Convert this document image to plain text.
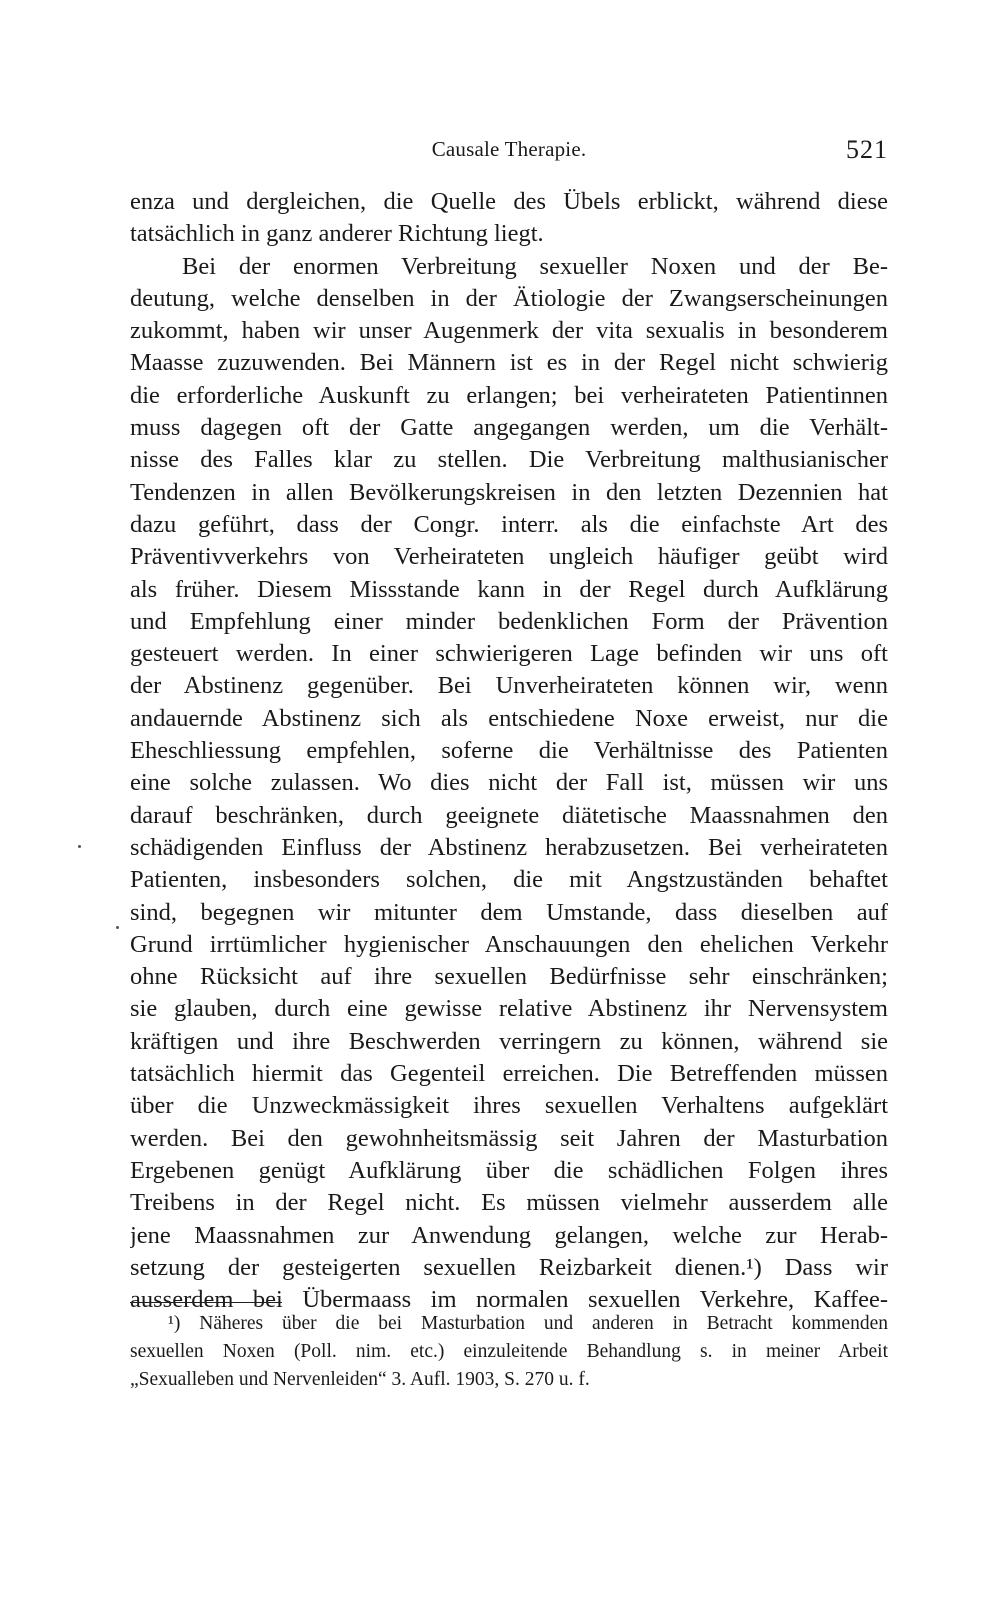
Causale Therapie.	521
enza und dergleichen, die Quelle des Übels erblickt, während diese
tatsächlich in ganz anderer Richtung liegt.
Bei der enormen Verbreitung sexueller Noxen und der Be-
deutung, welche denselben in der Ätiologie der Zwangserscheinungen
zukommt, haben wir unser Augenmerk der vita sexualis in besonderem
Maasse zuzuwenden. Bei Männern ist es in der Regel nicht schwierig
die erforderliche Auskunft zu erlangen; bei verheirateten Patientinnen
muss dagegen oft der Gatte angegangen werden, um die Verhält-
nisse des Falles klar zu stellen. Die Verbreitung malthusianischer
Tendenzen in allen Bevölkerungskreisen in den letzten Dezennien hat
dazu geführt, dass der Congr. interr. als die einfachste Art des
Präventivverkehrs von Verheirateten ungleich häufiger geübt wird
als früher. Diesem Missstande kann in der Regel durch Aufklärung
und Empfehlung einer minder bedenklichen Form der Prävention
gesteuert werden. In einer schwierigeren Lage befinden wir uns oft
der Abstinenz gegenüber. Bei Unverheirateten können wir, wenn
andauernde Abstinenz sich als entschiedene Noxe erweist, nur die
Eheschliessung empfehlen, soferne die Verhältnisse des Patienten
eine solche zulassen. Wo dies nicht der Fall ist, müssen wir uns
darauf beschränken, durch geeignete diätetische Maassnahmen den
schädigenden Einfluss der Abstinenz herabzusetzen. Bei verheirateten
Patienten, insbesonders solchen, die mit Angstzuständen behaftet
sind, begegnen wir mitunter dem Umstande, dass dieselben auf
Grund irrtümlicher hygienischer Anschauungen den ehelichen Verkehr
ohne Rücksicht auf ihre sexuellen Bedürfnisse sehr einschränken;
sie glauben, durch eine gewisse relative Abstinenz ihr Nervensystem
kräftigen und ihre Beschwerden verringern zu können, während sie
tatsächlich hiermit das Gegenteil erreichen. Die Betreffenden müssen
über die Unzweckmässigkeit ihres sexuellen Verhaltens aufgeklärt
werden. Bei den gewohnheitsmässig seit Jahren der Masturbation
Ergebenen genügt Aufklärung über die schädlichen Folgen ihres
Treibens in der Regel nicht. Es müssen vielmehr ausserdem alle
jene Maassnahmen zur Anwendung gelangen, welche zur Herab-
setzung der gesteigerten sexuellen Reizbarkeit dienen.¹) Dass wir
ausserdem bei Übermaass im normalen sexuellen Verkehre, Kaffee-
¹) Näheres über die bei Masturbation und anderen in Betracht kommenden
sexuellen Noxen (Poll. nim. etc.) einzuleitende Behandlung s. in meiner Arbeit
„Sexualleben und Nervenleiden“ 3. Aufl. 1903, S. 270 u. f.
